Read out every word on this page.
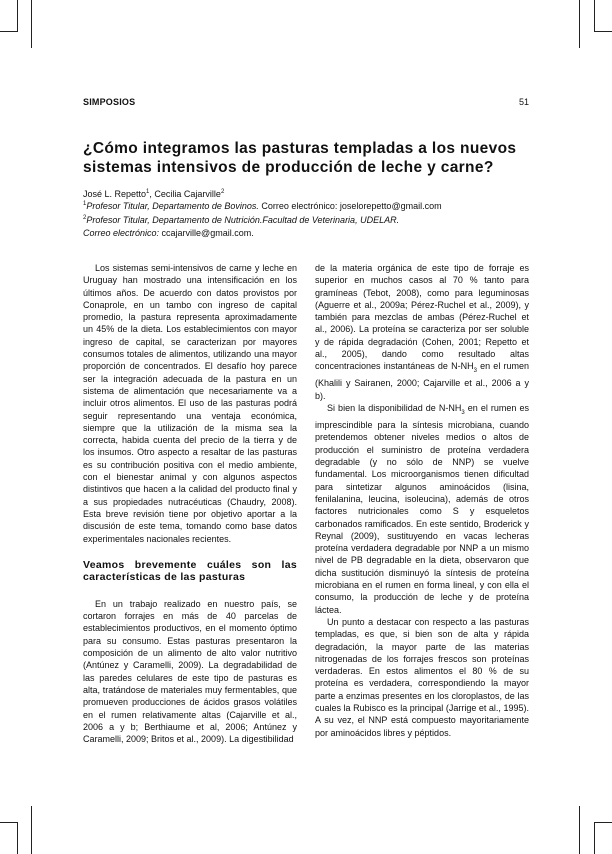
SIMPOSIOS	51
¿Cómo integramos las pasturas templadas a los nuevos sistemas intensivos de producción de leche y carne?
José L. Repetto$^1$, Cecilia Cajarville$^2$
$^1$Profesor Titular, Departamento de Bovinos. Correo electrónico: joselorepetto@gmail.com
$^2$Profesor Titular, Departamento de Nutrición.Facultad de Veterinaria, UDELAR.
Correo electrónico: ccajarville@gmail.com.

Los sistemas semi-intensivos de carne y leche en Uruguay han mostrado una intensificación en los últimos años. De acuerdo con datos provistos por Conaprole, en un tambo con ingreso de capital promedio, la pastura representa aproximadamente un 45% de la dieta. Los establecimientos con mayor ingreso de capital, se caracterizan por mayores consumos totales de alimentos, utilizando una mayor proporción de concentrados. El desafío hoy parece ser la integración adecuada de la pastura en un sistema de alimentación que necesariamente va a incluir otros alimentos. El uso de las pasturas podrá seguir representando una ventaja económica, siempre que la utilización de la misma sea la correcta, habida cuenta del precio de la tierra y de los insumos. Otro aspecto a resaltar de las pasturas es su contribución positiva con el medio ambiente, con el bienestar animal y con algunos aspectos distintivos que hacen a la calidad del producto final y a sus propiedades nutracéuticas (Chaudry, 2008). Esta breve revisión tiene por objetivo aportar a la discusión de este tema, tomando como base datos experimentales nacionales recientes.

Veamos brevemente cuáles son las características de las pasturas

En un trabajo realizado en nuestro país, se cortaron forrajes en más de 40 parcelas de establecimientos productivos, en el momento óptimo para su consumo. Estas pasturas presentaron la composición de un alimento de alto valor nutritivo (Antúnez y Caramelli, 2009). La degradabilidad de las paredes celulares de este tipo de pasturas es alta, tratándose de materiales muy fermentables, que promueven producciones de ácidos grasos volátiles en el rumen relativamente altas (Cajarville et al., 2006 a y b; Berthiaume et al, 2006; Antúnez y Caramelli, 2009; Britos et al., 2009). La digestibilidad

de la materia orgánica de este tipo de forraje es superior en muchos casos al 70 % tanto para gramíneas (Tebot, 2008), como para leguminosas (Aguerre et al., 2009a; Pérez-Ruchel et al., 2009), y también para mezclas de ambas (Pérez-Ruchel et al., 2006). La proteína se caracteriza por ser soluble y de rápida degradación (Cohen, 2001; Repetto et al., 2005), dando como resultado altas concentraciones instantáneas de $N-NH_3$ en el rumen (Khalili y Sairanen, 2000; Cajarville et al., 2006 a y b).

Si bien la disponibilidad de $N-NH_3$ en el rumen es imprescindible para la síntesis microbiana, cuando pretendemos obtener niveles medios o altos de producción el suministro de proteína verdadera degradable (y no sólo de NNP) se vuelve fundamental. Los microorganismos tienen dificultad para sintetizar algunos aminoácidos (lisina, fenilalanina, leucina, isoleucina), además de otros factores nutricionales como S y esqueletos carbonados ramificados. En este sentido, Broderick y Reynal (2009), sustituyendo en vacas lecheras proteína verdadera degradable por NNP a un mismo nivel de PB degradable en la dieta, observaron que dicha sustitución disminuyó la síntesis de proteína microbiana en el rumen en forma lineal, y con ella el consumo, la producción de leche y de proteína láctea.

Un punto a destacar con respecto a las pasturas templadas, es que, si bien son de alta y rápida degradación, la mayor parte de las materias nitrogenadas de los forrajes frescos son proteínas verdaderas. En estos alimentos el 80 % de su proteína es verdadera, correspondiendo la mayor parte a enzimas presentes en los cloroplastos, de las cuales la Rubisco es la principal (Jarrige et al., 1995). A su vez, el NNP está compuesto mayoritariamente por aminoácidos libres y péptidos.
